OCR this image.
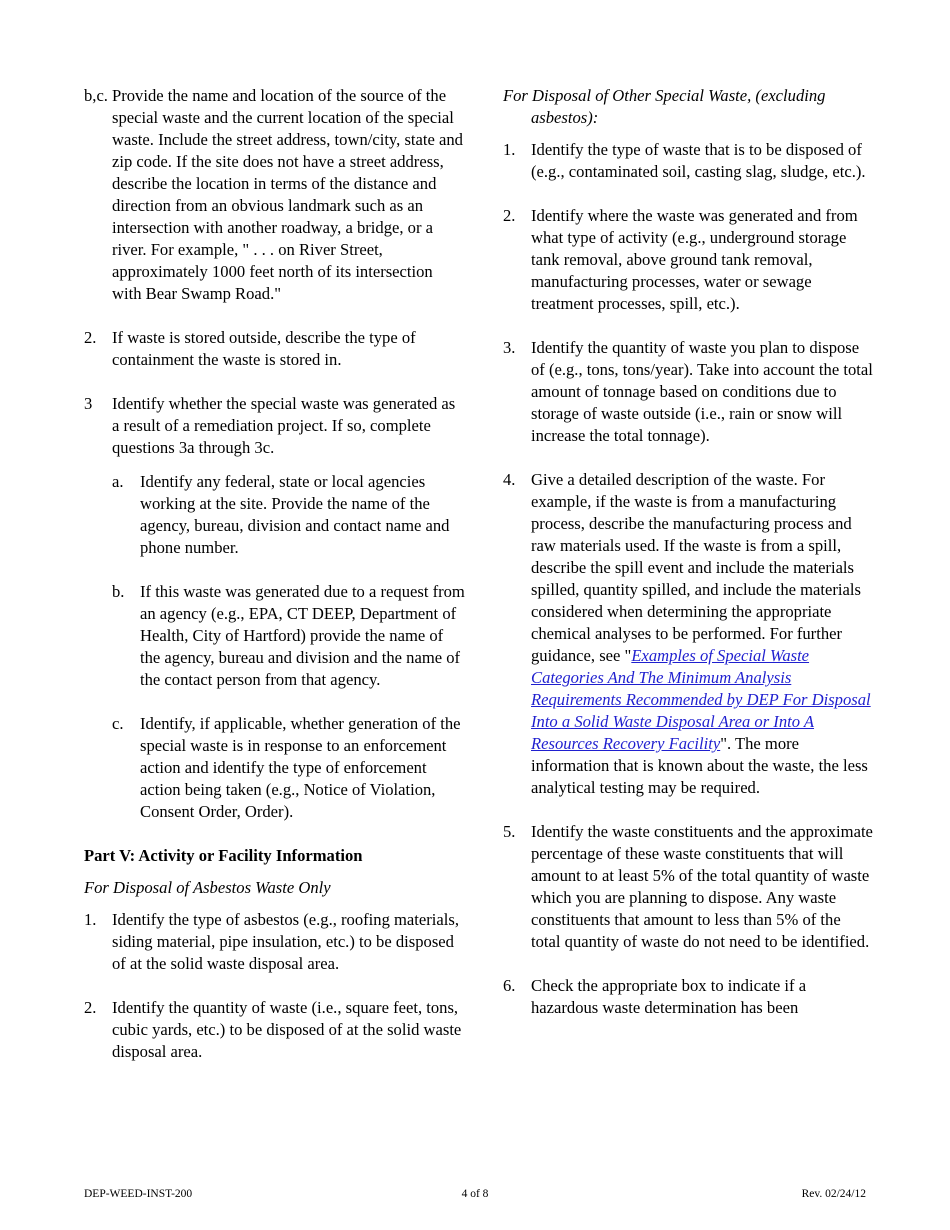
b,c. Provide the name and location of the source of the special waste and the current location of the special waste. Include the street address, town/city, state and zip code. If the site does not have a street address, describe the location in terms of the distance and direction from an obvious landmark such as an intersection with another roadway, a bridge, or a river. For example, " . . . on River Street, approximately 1000 feet north of its intersection with Bear Swamp Road."
2. If waste is stored outside, describe the type of containment the waste is stored in.
3	Identify whether the special waste was generated as a result of a remediation project. If so, complete questions 3a through 3c.
a. Identify any federal, state or local agencies working at the site. Provide the name of the agency, bureau, division and contact name and phone number.
b. If this waste was generated due to a request from an agency (e.g., EPA, CT DEEP, Department of Health, City of Hartford) provide the name of the agency, bureau and division and the name of the contact person from that agency.
c. Identify, if applicable, whether generation of the special waste is in response to an enforcement action and identify the type of enforcement action being taken (e.g., Notice of Violation, Consent Order, Order).
Part V: Activity or Facility Information
For Disposal of Asbestos Waste Only
1. Identify the type of asbestos (e.g., roofing materials, siding material, pipe insulation, etc.) to be disposed of at the solid waste disposal area.
2. Identify the quantity of waste (i.e., square feet, tons, cubic yards, etc.) to be disposed of at the solid waste disposal area.
For Disposal of Other Special Waste, (excluding asbestos):
1. Identify the type of waste that is to be disposed of (e.g., contaminated soil, casting slag, sludge, etc.).
2. Identify where the waste was generated and from what type of activity (e.g., underground storage tank removal, above ground tank removal, manufacturing processes, water or sewage treatment processes, spill, etc.).
3. Identify the quantity of waste you plan to dispose of (e.g., tons, tons/year). Take into account the total amount of tonnage based on conditions due to storage of waste outside (i.e., rain or snow will increase the total tonnage).
4. Give a detailed description of the waste. For example, if the waste is from a manufacturing process, describe the manufacturing process and raw materials used. If the waste is from a spill, describe the spill event and include the materials spilled, quantity spilled, and include the materials considered when determining the appropriate chemical analyses to be performed. For further guidance, see "Examples of Special Waste Categories And The Minimum Analysis Requirements Recommended by DEP For Disposal Into a Solid Waste Disposal Area or Into A Resources Recovery Facility". The more information that is known about the waste, the less analytical testing may be required.
5. Identify the waste constituents and the approximate percentage of these waste constituents that will amount to at least 5% of the total quantity of waste which you are planning to dispose. Any waste constituents that amount to less than 5% of the total quantity of waste do not need to be identified.
6. Check the appropriate box to indicate if a hazardous waste determination has been
DEP-WEED-INST-200	4 of 8	Rev. 02/24/12
